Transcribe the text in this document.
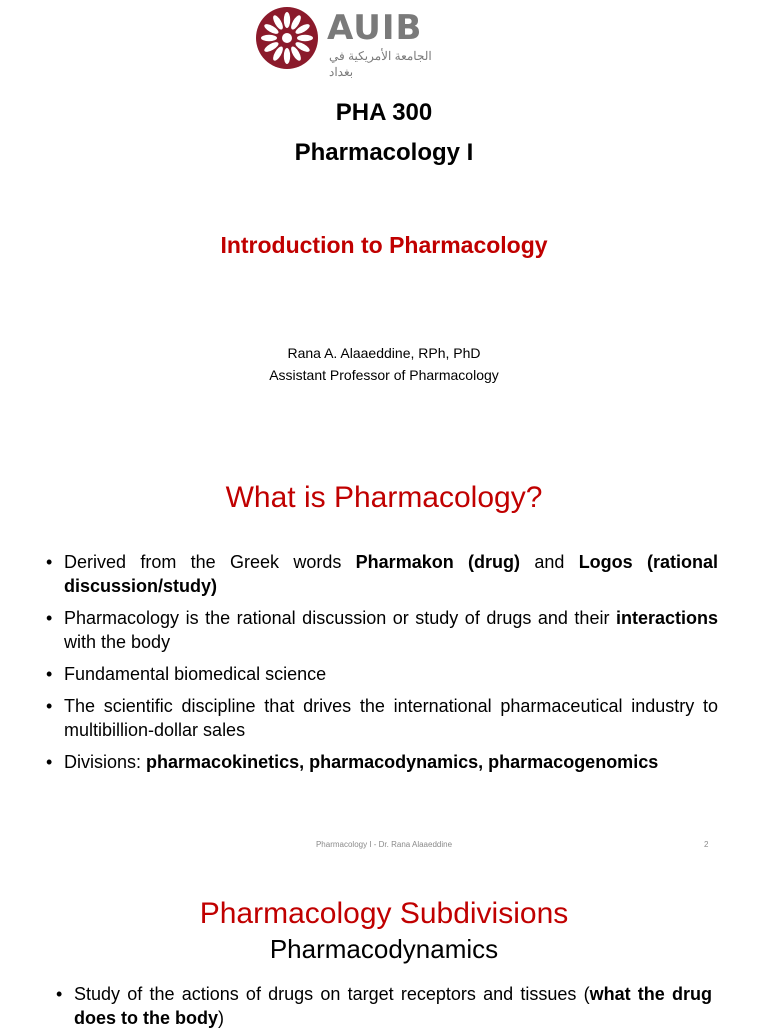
AUIB
الجامعة الأمريكية في بغداد
PHA 300
Pharmacology I
Introduction to Pharmacology
Rana A. Alaaeddine, RPh, PhD
Assistant Professor of Pharmacology
What is Pharmacology?
• Derived from the Greek words Pharmakon (drug) and Logos (rational discussion/study)
• Pharmacology is the rational discussion or study of drugs and their interactions with the body
• Fundamental biomedical science
• The scientific discipline that drives the international pharmaceutical industry to multibillion-dollar sales
• Divisions: pharmacokinetics, pharmacodynamics, pharmacogenomics
Pharmacology I - Dr. Rana Alaaeddine	2
Pharmacology Subdivisions
Pharmacodynamics
• Study of the actions of drugs on target receptors and tissues (what the drug does to the body)
